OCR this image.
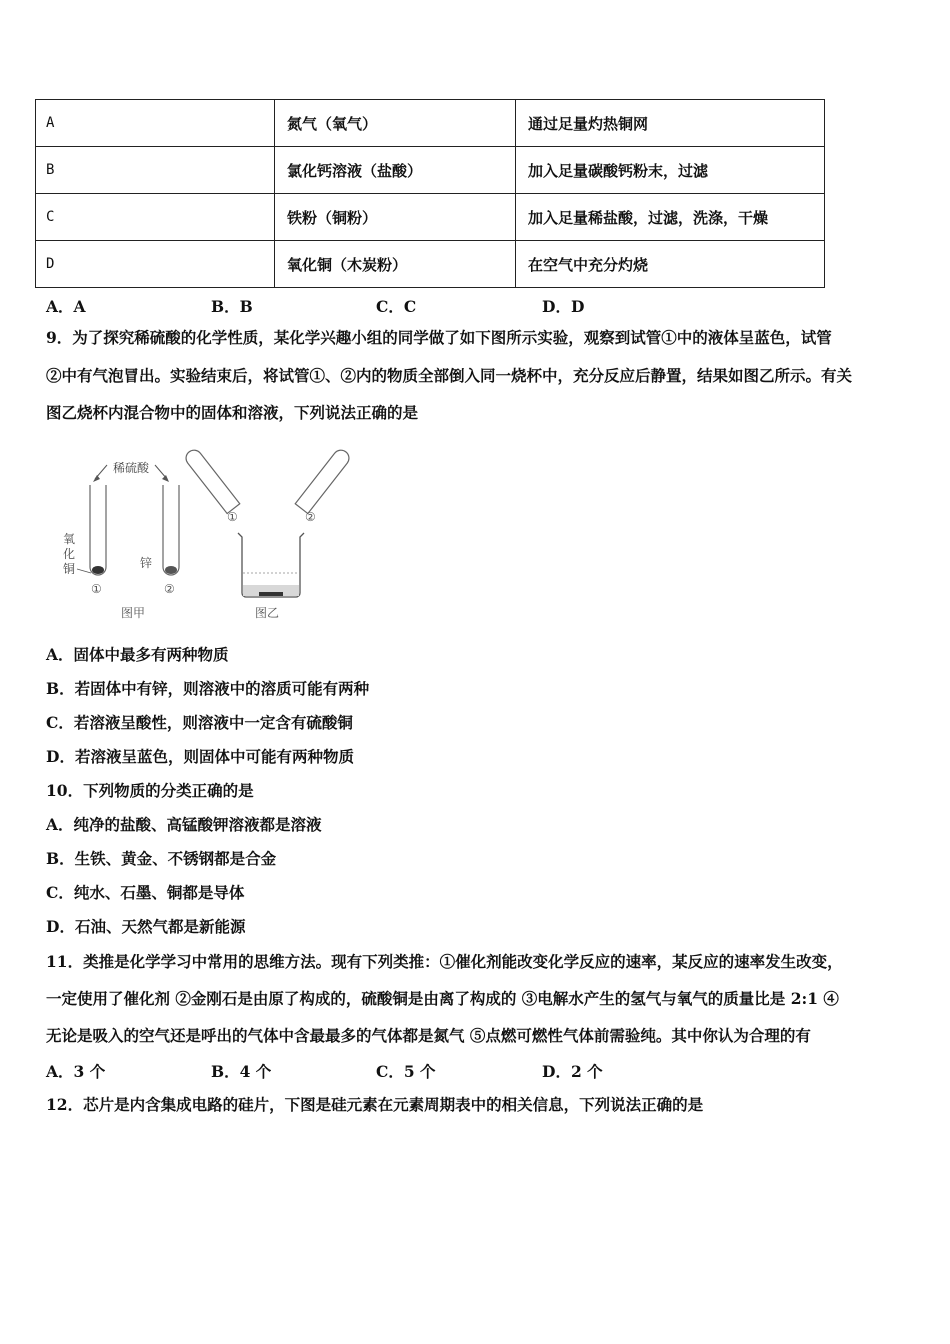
A	氮气（氧气）	通过足量灼热铜网
B	氯化钙溶液（盐酸）	加入足量碳酸钙粉末，过滤
C	铁粉（铜粉）	加入足量稀盐酸，过滤，洗涤，干燥
D	氧化铜（木炭粉）	在空气中充分灼烧
A．A	B．B	C．C	D．D
9．为了探究稀硫酸的化学性质，某化学兴趣小组的同学做了如下图所示实验，观察到试管①中的液体呈蓝色，试管
②中有气泡冒出。实验结束后，将试管①、②内的物质全部倒入同一烧杯中，充分反应后静置，结果如图乙所示。有关
图乙烧杯内混合物中的固体和溶液，下列说法正确的是
稀硫酸
氧
化
铜	锌
①	②
图甲
①	②
图乙
A．固体中最多有两种物质
B．若固体中有锌，则溶液中的溶质可能有两种
C．若溶液呈酸性，则溶液中一定含有硫酸铜
D．若溶液呈蓝色，则固体中可能有两种物质
10．下列物质的分类正确的是
A．纯净的盐酸、高锰酸钾溶液都是溶液
B．生铁、黄金、不锈钢都是合金
C．纯水、石墨、铜都是导体
D．石油、天然气都是新能源
11．类推是化学学习中常用的思维方法。现有下列类推：①催化剂能改变化学反应的速率，某反应的速率发生改变，
一定使用了催化剂 ②金刚石是由原了构成的，硫酸铜是由离了构成的 ③电解水产生的氢气与氧气的质量比是 2:1 ④
无论是吸入的空气还是呼出的气体中含最最多的气体都是氮气 ⑤点燃可燃性气体前需验纯。其中你认为合理的有
A．3 个	B．4 个	C．5 个	D．2 个
12．芯片是内含集成电路的硅片，下图是硅元素在元素周期表中的相关信息，下列说法正确的是
